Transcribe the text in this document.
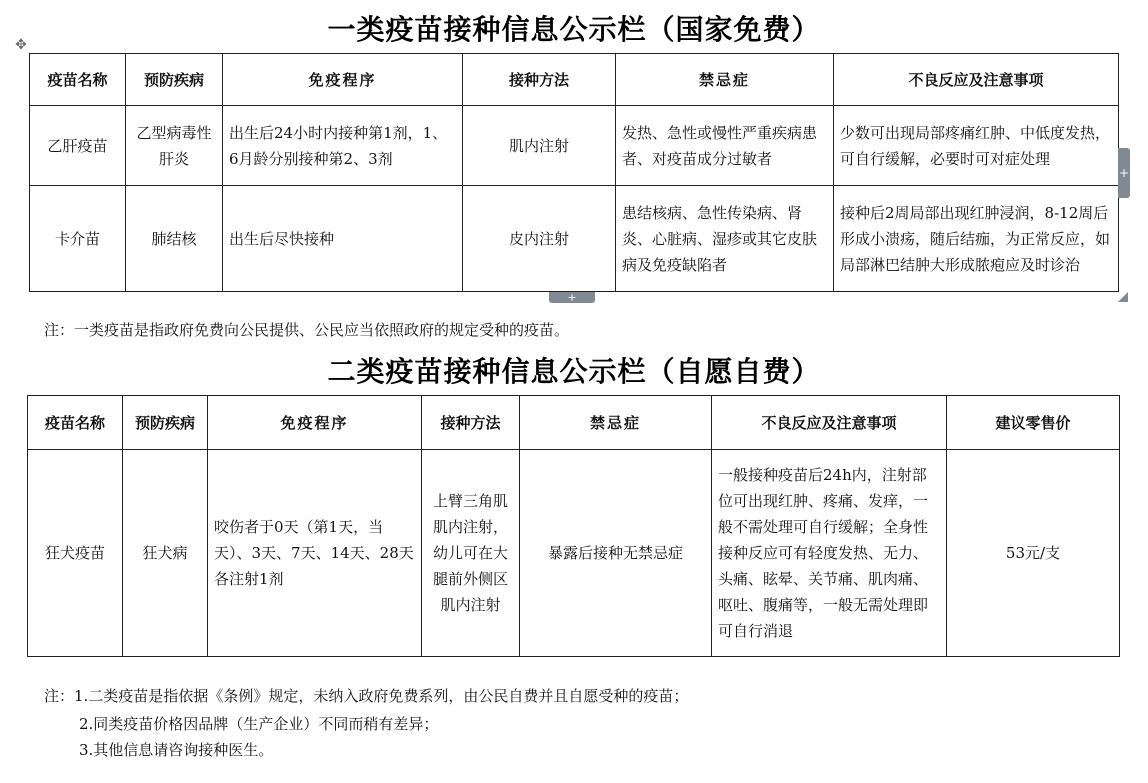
一类疫苗接种信息公示栏（国家免费）
✥
疫苗名称	预防疾病	免疫程序	接种方法	禁忌症	不良反应及注意事项
乙肝疫苗	乙型病毒性肝炎	出生后24小时内接种第1剂，1、6月龄分别接种第2、3剂	肌内注射	发热、急性或慢性严重疾病患者、对疫苗成分过敏者	少数可出现局部疼痛红肿、中低度发热，可自行缓解，必要时可对症处理
卡介苗	肺结核	出生后尽快接种	皮内注射	患结核病、急性传染病、肾炎、心脏病、湿疹或其它皮肤病及免疫缺陷者	接种后2周局部出现红肿浸润，8-12周后形成小溃疡，随后结痂，为正常反应，如局部淋巴结肿大形成脓疱应及时诊治
+
+
注：一类疫苗是指政府免费向公民提供、公民应当依照政府的规定受种的疫苗。
二类疫苗接种信息公示栏（自愿自费）
疫苗名称	预防疾病	免疫程序	接种方法	禁忌症	不良反应及注意事项	建议零售价
狂犬疫苗	狂犬病	咬伤者于0天（第1天，当天）、3天、7天、14天、28天各注射1剂	上臂三角肌肌内注射，幼儿可在大腿前外侧区肌内注射	暴露后接种无禁忌症	一般接种疫苗后24h内，注射部位可出现红肿、疼痛、发痒，一般不需处理可自行缓解；全身性接种反应可有轻度发热、无力、头痛、眩晕、关节痛、肌肉痛、呕吐、腹痛等，一般无需处理即可自行消退	53元/支
注：1.二类疫苗是指依据《条例》规定，未纳入政府免费系列，由公民自费并且自愿受种的疫苗；
2.同类疫苗价格因品牌（生产企业）不同而稍有差异；
3.其他信息请咨询接种医生。
